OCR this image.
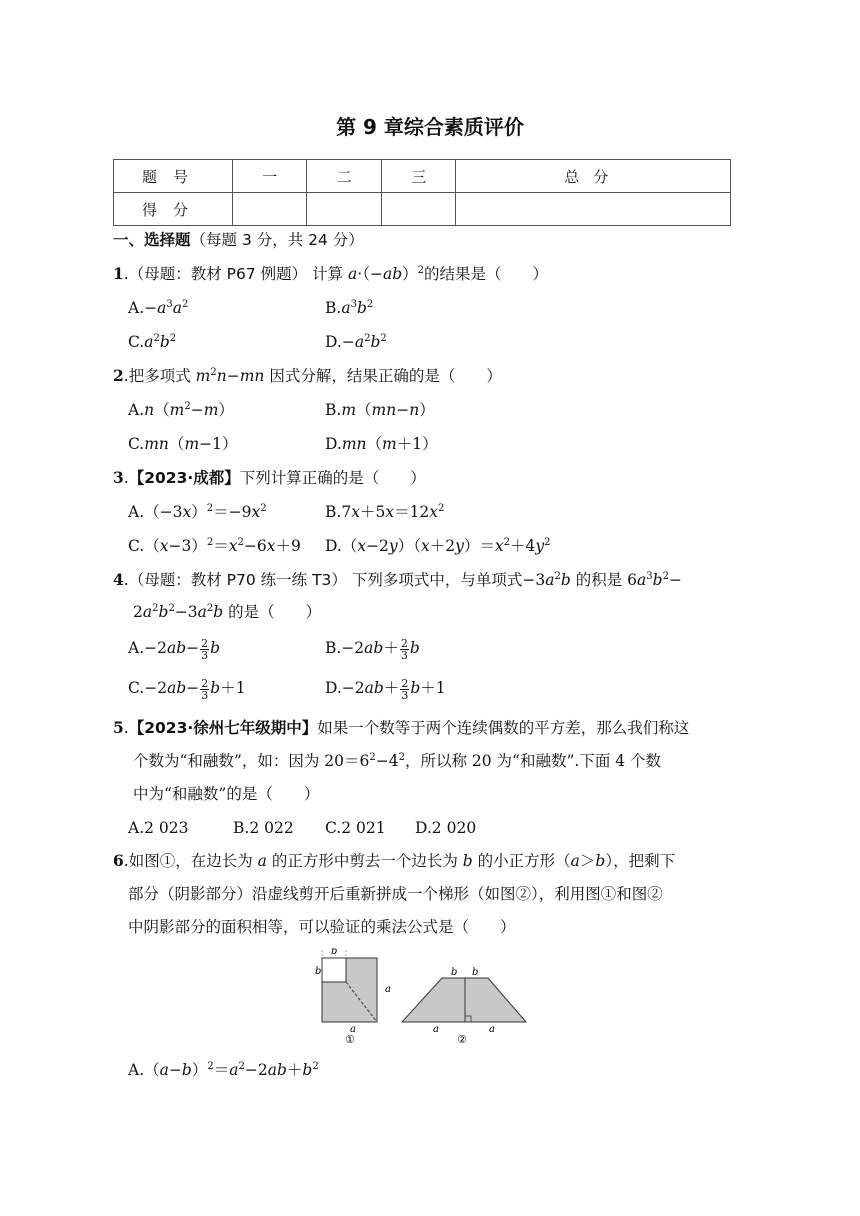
第 9 章综合素质评价
题号	一	二	三	总分
得分				
一、选择题（每题 3 分，共 24 分）
1.（母题：教材 P67 例题） 计算 $a\cdot(-ab)^2$的结果是（　　）
$A.-a^3a^2$	$B.a^3b^2$
$C.a^2b^2$	$D.-a^2b^2$
2.把多项式 $m^2n-mn$ 因式分解，结果正确的是（　　）
$A.n(m^2-m)$	B.m（mn−n）
C.mn（m−1）	D.mn（m＋1）
3.【2023·成都】下列计算正确的是（　　）
$A.(-3x)^2=-9x^2$	$B.7x+5x=12x^2$
$C.(x-3)^2=x^2-6x+9$ $D.(x-2y)(x+2y)=x^2+4y^2$
4.（母题：教材 P70 练一练 T3） 下列多项式中，与单项式$-3a^2b$ 的积是 $6a^3b^2-$
$2a^2b^2-3a^2b$ 的是（　　）
$A.-2ab- \frac{2}{3}$ b	$B.-2ab+ \frac{2}{3}$ b
$C.-2ab- \frac{2}{3} b+1$	$D.-2ab+ \frac{2}{3} b+1$
5.【2023·徐州七年级期中】如果一个数等于两个连续偶数的平方差，那么我们称这
个数为“和融数”，如：因为 $20=6^2-4^2$，所以称 20 为“和融数”.下面 4 个数
中为“和融数”的是（　　）
A.2 023	B.2 022 C.2 021 D.2 020
6.如图①，在边长为 a 的正方形中剪去一个边长为 b 的小正方形（a＞b），把剩下
部分（阴影部分）沿虚线剪开后重新拼成一个梯形（如图②），利用图①和图②
中阴影部分的面积相等，可以验证的乘法公式是（　　）
b
b
a
a
①
b b
a	a
②
$A.(a-b)^2=a^2-2ab+b^2$
